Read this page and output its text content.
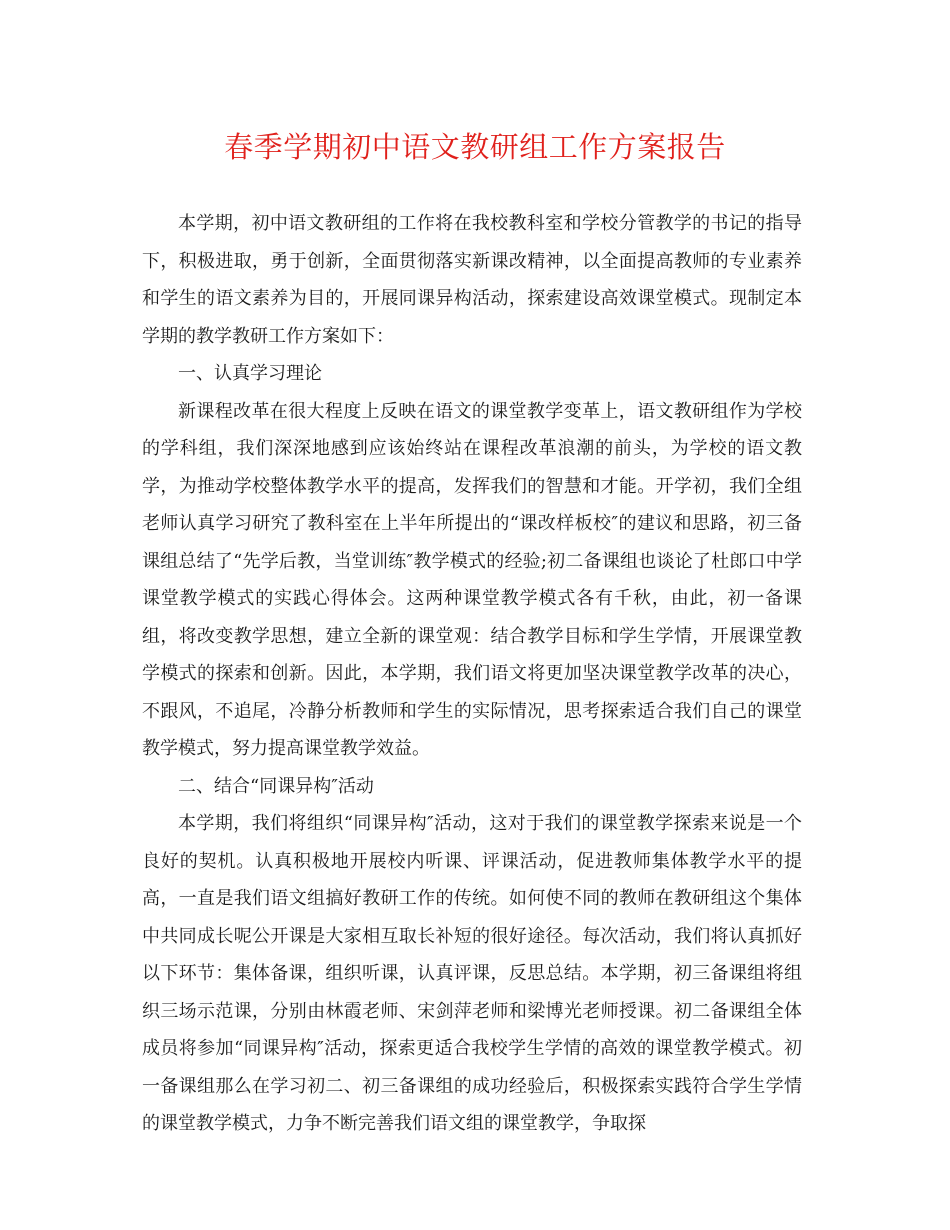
春季学期初中语文教研组工作方案报告

本学期，初中语文教研组的工作将在我校教科室和学校分管教学的书记的指导下，积极进取，勇于创新，全面贯彻落实新课改精神，以全面提高教师的专业素养和学生的语文素养为目的，开展同课异构活动，探索建设高效课堂模式。现制定本学期的教学教研工作方案如下：

一、认真学习理论

新课程改革在很大程度上反映在语文的课堂教学变革上，语文教研组作为学校的学科组，我们深深地感到应该始终站在课程改革浪潮的前头，为学校的语文教学，为推动学校整体教学水平的提高，发挥我们的智慧和才能。开学初，我们全组老师认真学习研究了教科室在上半年所提出的“课改样板校″的建议和思路，初三备课组总结了“先学后教，当堂训练″教学模式的经验;初二备课组也谈论了杜郎口中学课堂教学模式的实践心得体会。这两种课堂教学模式各有千秋，由此，初一备课组，将改变教学思想，建立全新的课堂观：结合教学目标和学生学情，开展课堂教学模式的探索和创新。因此，本学期，我们语文将更加坚决课堂教学改革的决心，不跟风，不追尾，冷静分析教师和学生的实际情况，思考探索适合我们自己的课堂教学模式，努力提高课堂教学效益。

二、结合“同课异构″活动

本学期，我们将组织“同课异构″活动，这对于我们的课堂教学探索来说是一个良好的契机。认真积极地开展校内听课、评课活动，促进教师集体教学水平的提高，一直是我们语文组搞好教研工作的传统。如何使不同的教师在教研组这个集体中共同成长呢公开课是大家相互取长补短的很好途径。每次活动，我们将认真抓好以下环节：集体备课，组织听课，认真评课，反思总结。本学期，初三备课组将组织三场示范课，分别由林霞老师、宋剑萍老师和梁博光老师授课。初二备课组全体成员将参加“同课异构″活动，探索更适合我校学生学情的高效的课堂教学模式。初一备课组那么在学习初二、初三备课组的成功经验后，积极探索实践符合学生学情的课堂教学模式，力争不断完善我们语文组的课堂教学，争取探
